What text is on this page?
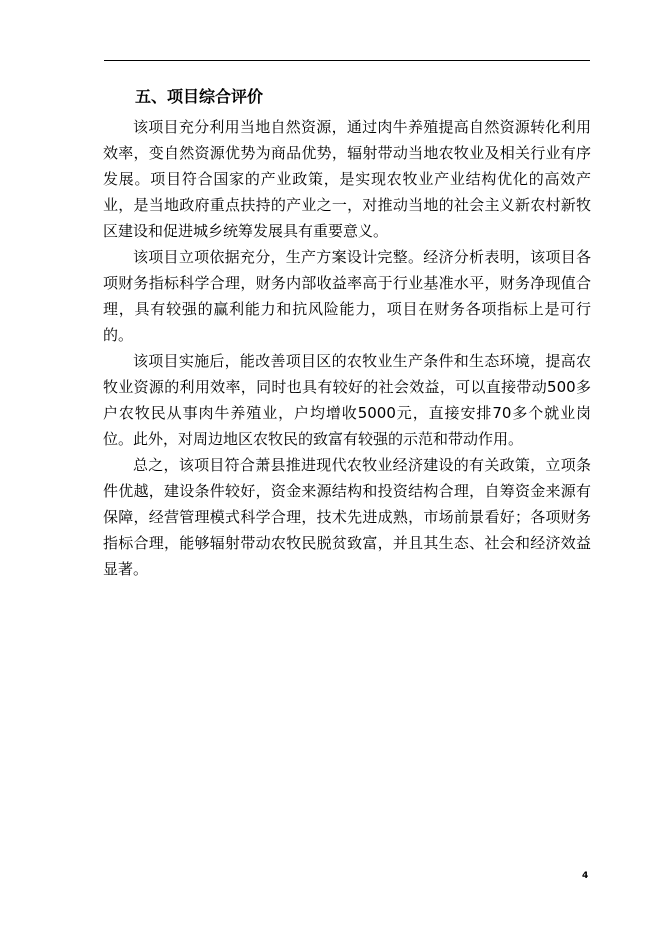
五、项目综合评价

该项目充分利用当地自然资源，通过肉牛养殖提高自然资源转化利用效率，变自然资源优势为商品优势，辐射带动当地农牧业及相关行业有序发展。项目符合国家的产业政策，是实现农牧业产业结构优化的高效产业，是当地政府重点扶持的产业之一，对推动当地的社会主义新农村新牧区建设和促进城乡统筹发展具有重要意义。

该项目立项依据充分，生产方案设计完整。经济分析表明，该项目各项财务指标科学合理，财务内部收益率高于行业基准水平，财务净现值合理，具有较强的赢利能力和抗风险能力，项目在财务各项指标上是可行的。

该项目实施后，能改善项目区的农牧业生产条件和生态环境，提高农牧业资源的利用效率，同时也具有较好的社会效益，可以直接带动500多户农牧民从事肉牛养殖业，户均增收5000元，直接安排70多个就业岗位。此外，对周边地区农牧民的致富有较强的示范和带动作用。

总之，该项目符合萧县推进现代农牧业经济建设的有关政策，立项条件优越，建设条件较好，资金来源结构和投资结构合理，自筹资金来源有保障，经营管理模式科学合理，技术先进成熟，市场前景看好；各项财务指标合理，能够辐射带动农牧民脱贫致富，并且其生态、社会和经济效益显著。

4
